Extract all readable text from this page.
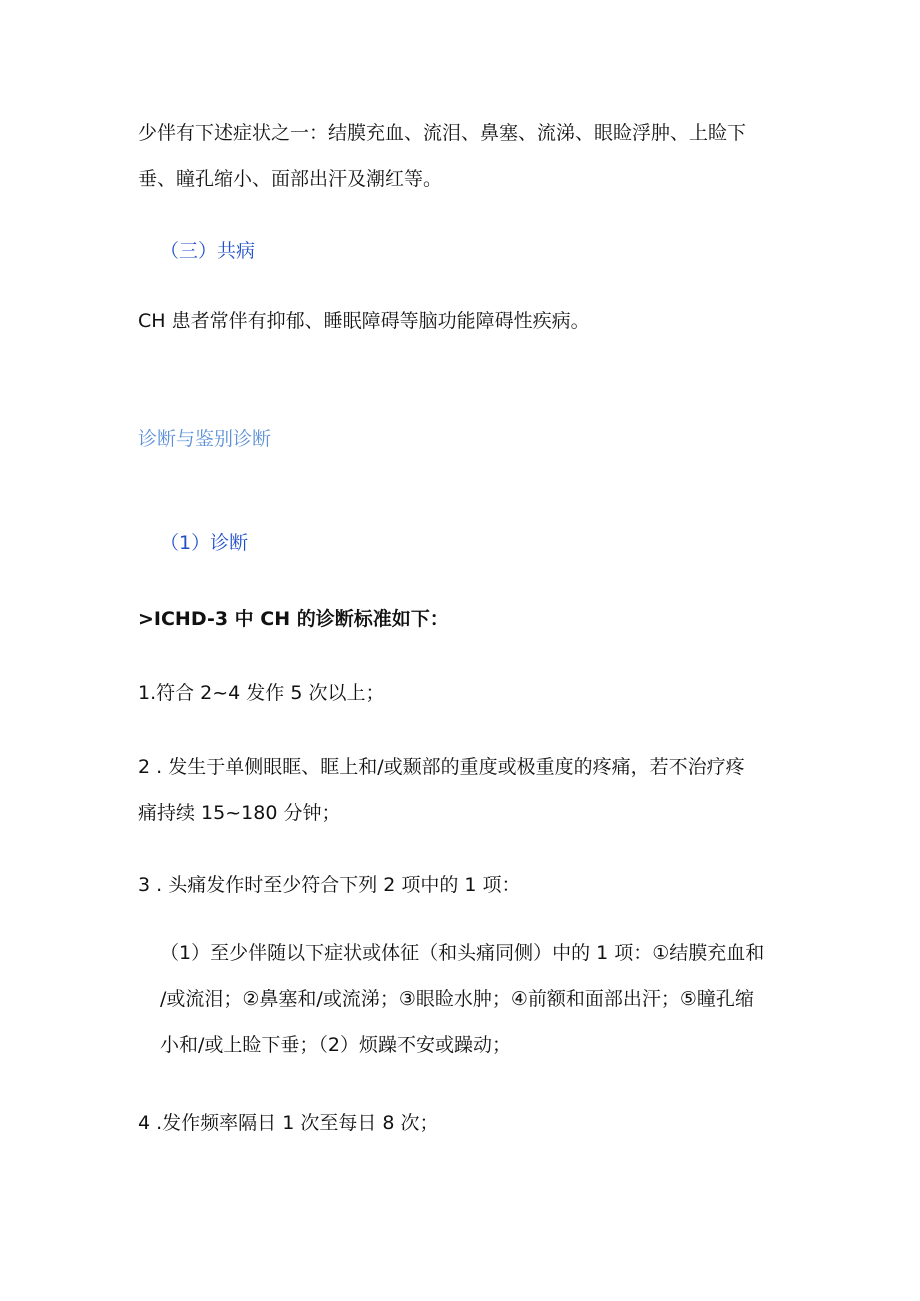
少伴有下述症状之一：结膜充血、流泪、鼻塞、流涕、眼睑浮肿、上睑下
垂、瞳孔缩小、面部出汗及潮红等。

（三）共病

CH 患者常伴有抑郁、睡眠障碍等脑功能障碍性疾病。

诊断与鉴别诊断

（1）诊断

>ICHD-3 中 CH 的诊断标准如下：

1.符合 2~4 发作 5 次以上；

2 . 发生于单侧眼眶、眶上和/或颞部的重度或极重度的疼痛，若不治疗疼
痛持续 15~180 分钟；

3 . 头痛发作时至少符合下列 2 项中的 1 项：

（1）至少伴随以下症状或体征（和头痛同侧）中的 1 项：①结膜充血和
/或流泪；②鼻塞和/或流涕；③眼睑水肿；④前额和面部出汗；⑤瞳孔缩
小和/或上睑下垂；（2）烦躁不安或躁动；

4 .发作频率隔日 1 次至每日 8 次；
